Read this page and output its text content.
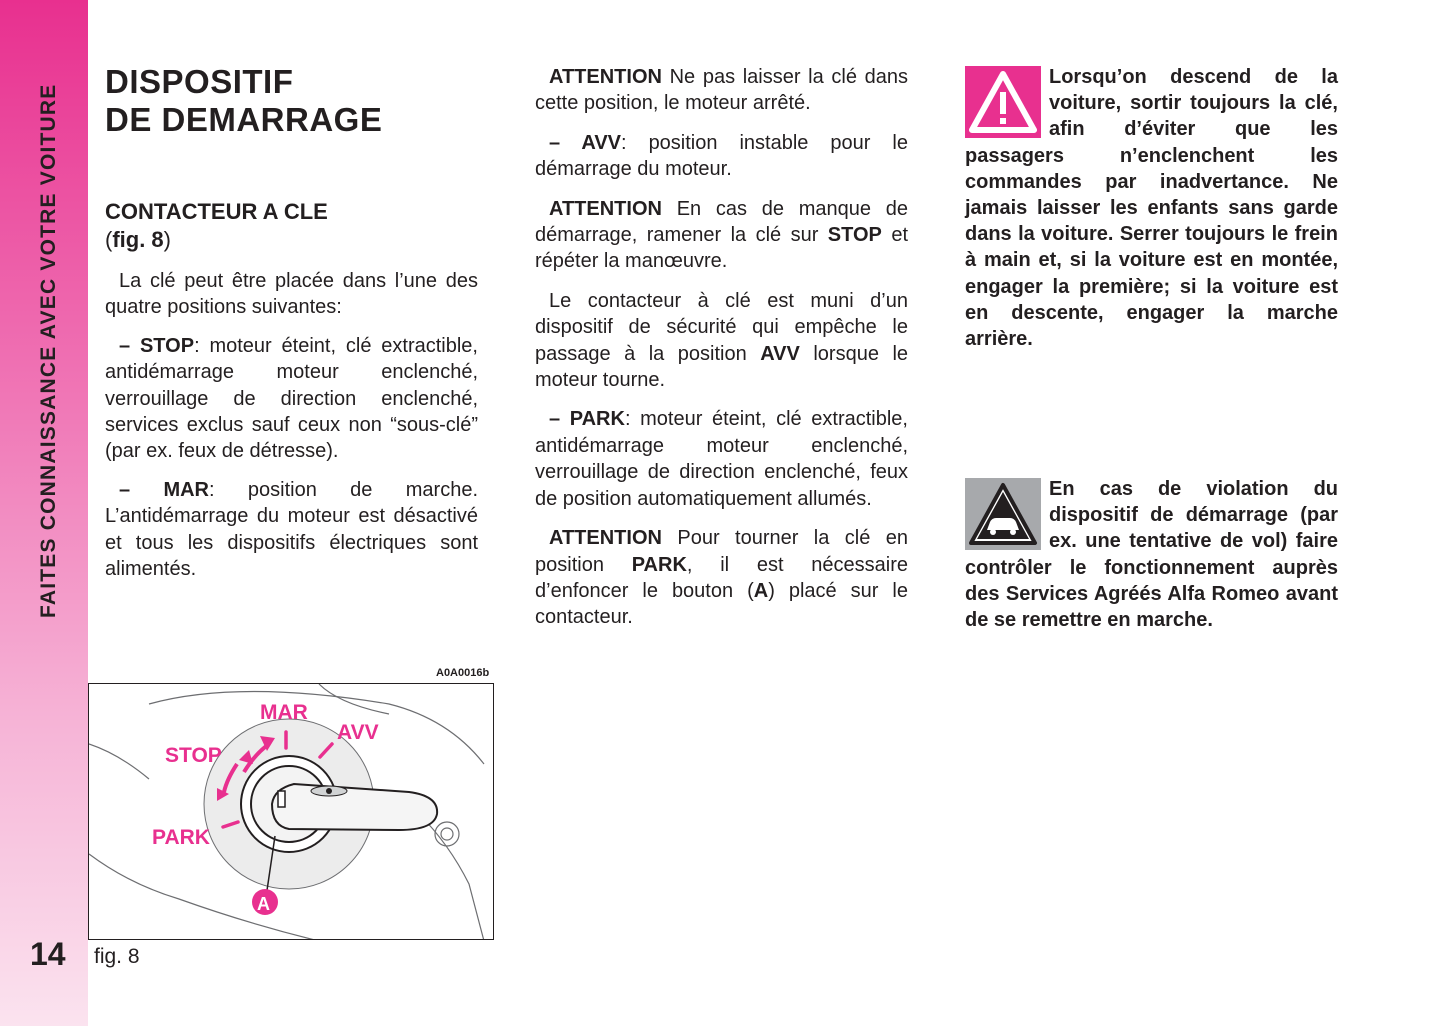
FAITES CONNAISSANCE AVEC VOTRE VOITURE
14
DISPOSITIF
DE DEMARRAGE
CONTACTEUR A CLE
(fig. 8)

La clé peut être placée dans l’une des quatre positions suivantes:

– STOP: moteur éteint, clé extractible, antidémarrage moteur enclenché, verrouillage de direction enclenché, services exclus sauf ceux non “sous-clé” (par ex. feux de détresse).

– MAR: position de marche. L’antidémarrage du moteur est désactivé et tous les dispositifs électriques sont alimentés.

ATTENTION Ne pas laisser la clé dans cette position, le moteur arrêté.

– AVV: position instable pour le démarrage du moteur.

ATTENTION En cas de manque de démarrage, ramener la clé sur STOP et répéter la manœuvre.

Le contacteur à clé est muni d’un dispositif de sécurité qui empêche le passage à la position AVV lorsque le moteur tourne.

– PARK: moteur éteint, clé extractible, antidémarrage moteur enclenché, verrouillage de direction enclenché, feux de position automatiquement allumés.

ATTENTION Pour tourner la clé en position PARK, il est nécessaire d’enfoncer le bouton (A) placé sur le contacteur.

Lorsqu’on descend de la voiture, sortir toujours la clé, afin d’éviter que les passagers n’enclenchent les commandes par inadvertance. Ne jamais laisser les enfants sans garde dans la voiture. Serrer toujours le frein à main et, si la voiture est en montée, engager la première; si la voiture est en descente, engager la marche arrière.
En cas de violation du dispositif de démarrage (par ex. une tentative de vol) faire contrôler le fonctionnement auprès des Services Agréés Alfa Romeo avant de se remettre en marche.
A0A0016b
MAR
AVV
STOP
PARK
A
fig. 8
